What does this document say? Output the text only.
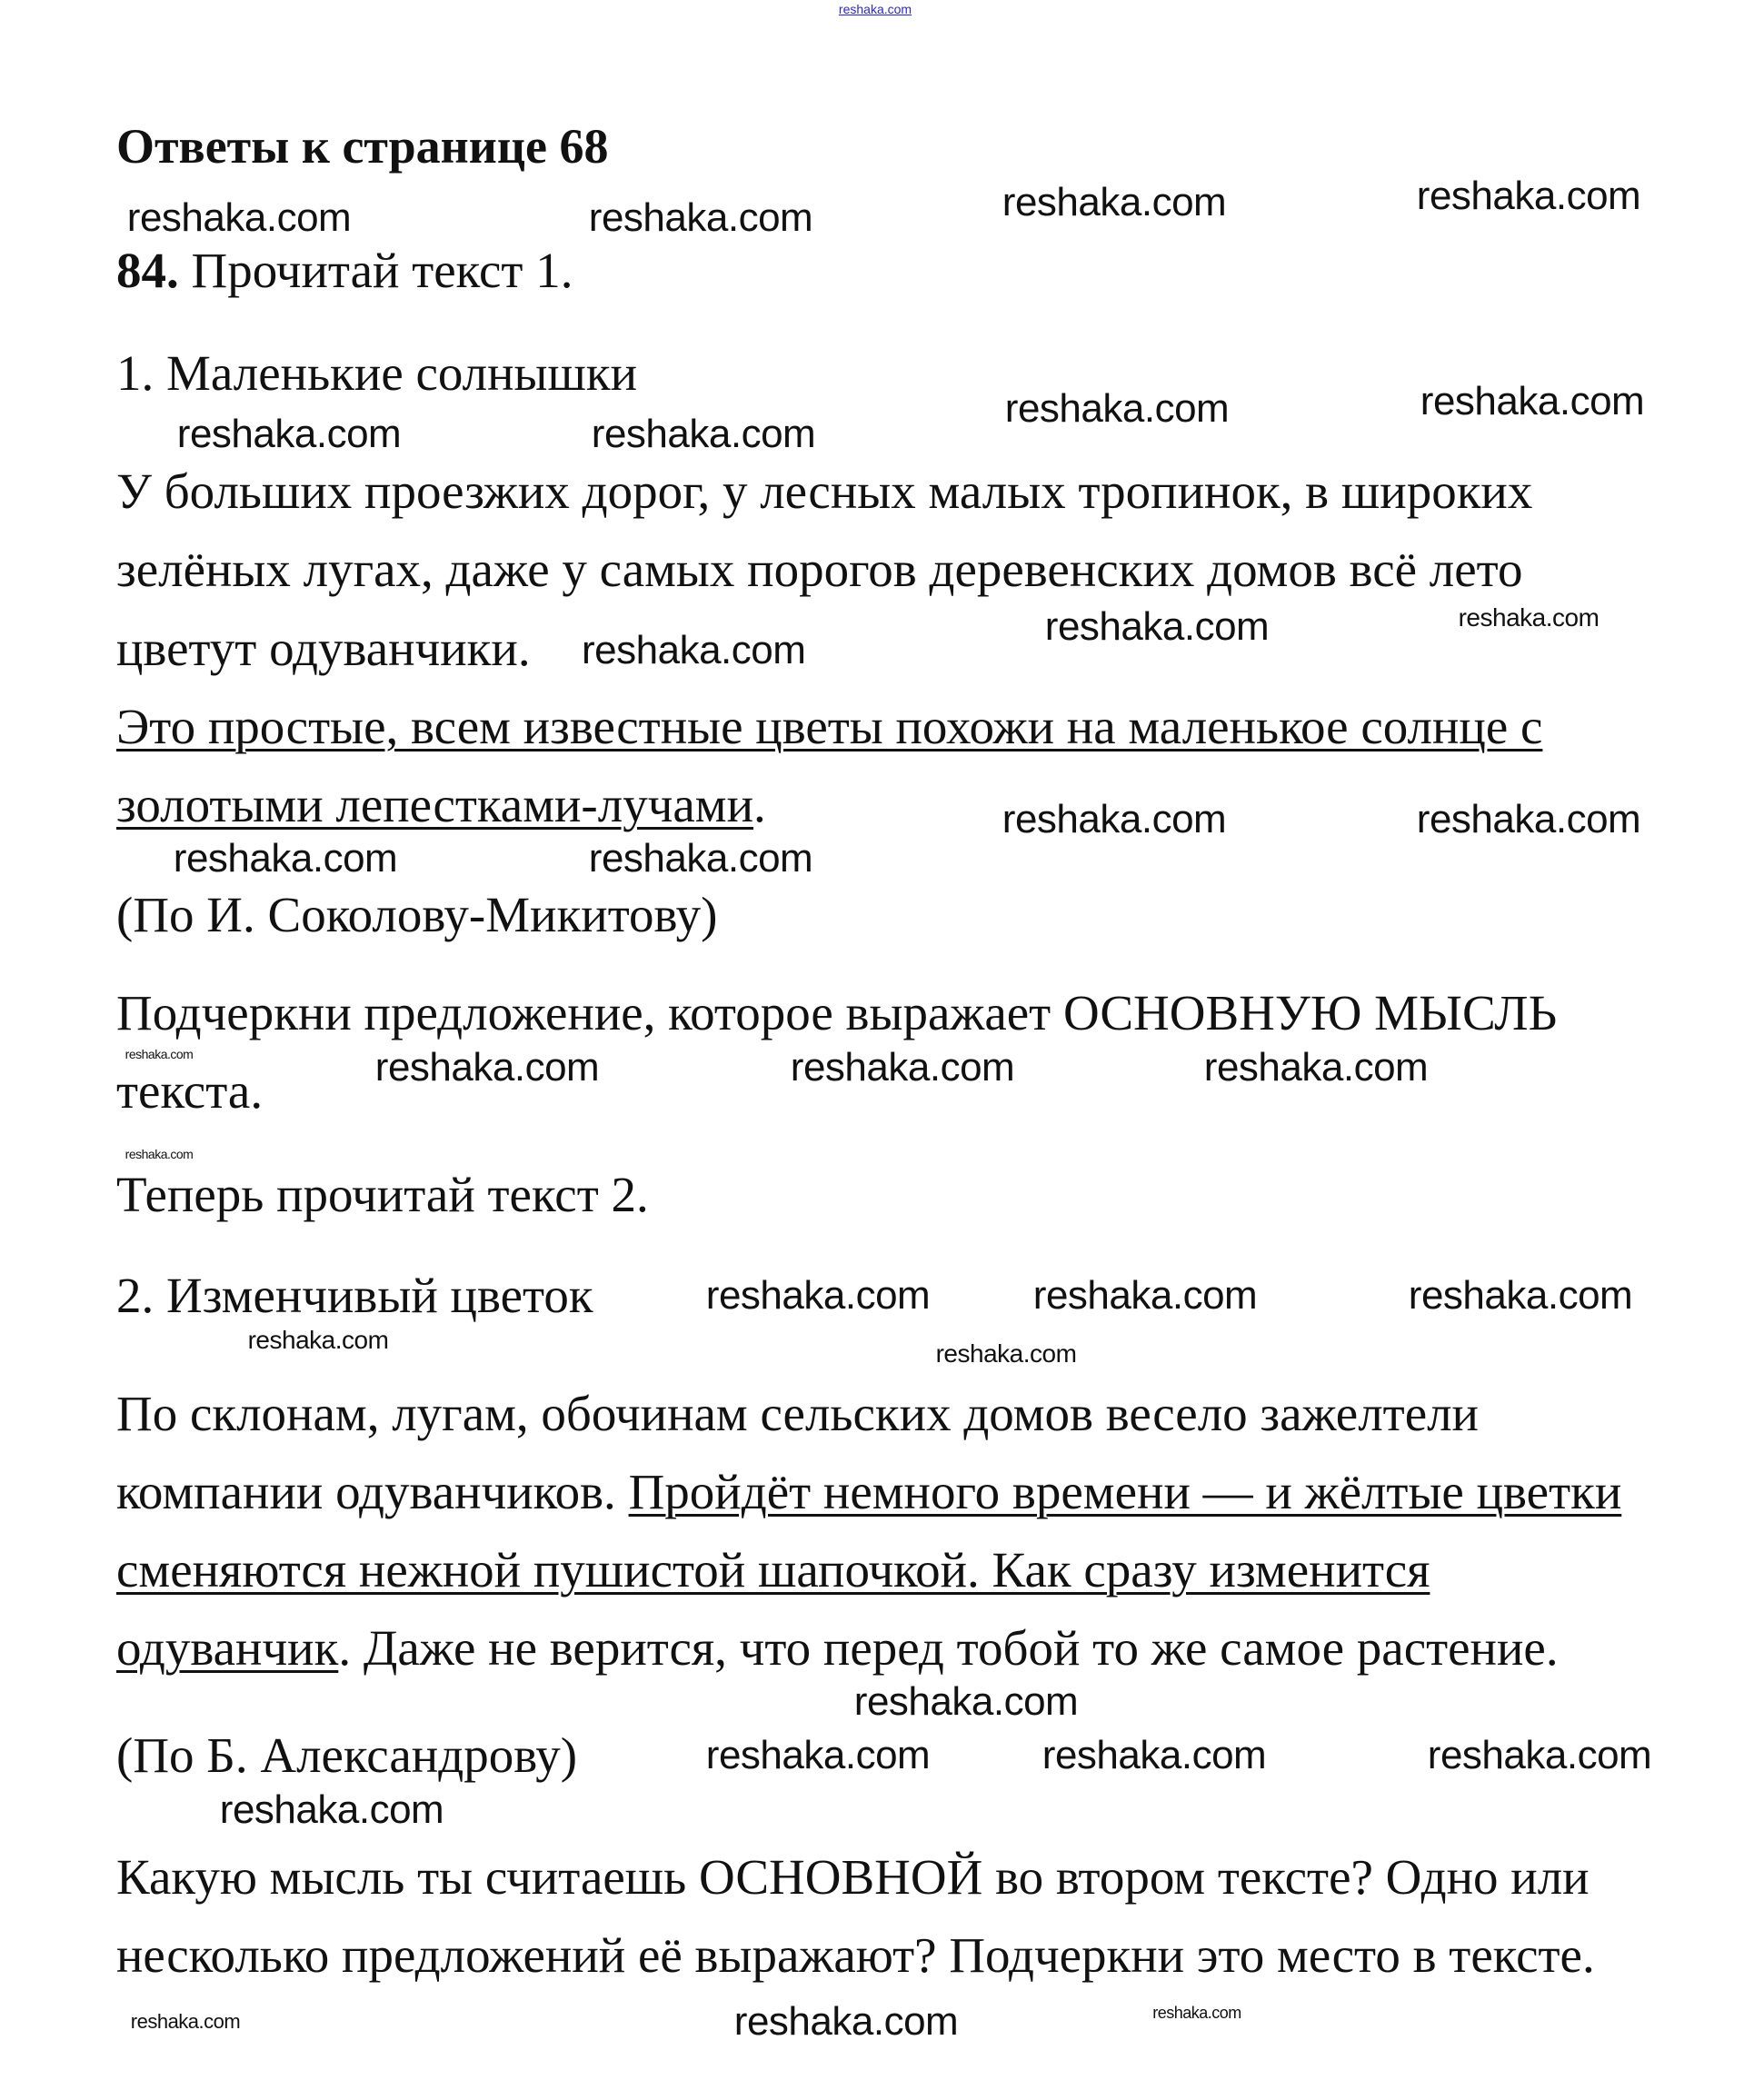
reshaka.com
Ответы к странице 68
84. Прочитай текст 1.
1. Маленькие солнышки
У больших проезжих дорог, у лесных малых тропинок, в широких
зелёных лугах, даже у самых порогов деревенских домов всё лето
цветут одуванчики.
Это простые, всем известные цветы похожи на маленькое солнце с
золотыми лепестками-лучами.
(По И. Соколову-Микитову)
Подчеркни предложение, которое выражает ОСНОВНУЮ МЫСЛЬ
текста.
Теперь прочитай текст 2.
2. Изменчивый цветок
По склонам, лугам, обочинам сельских домов весело зажелтели
компании одуванчиков. Пройдёт немного времени — и жёлтые цветки
сменяются нежной пушистой шапочкой. Как сразу изменится
одуванчик. Даже не верится, что перед тобой то же самое растение.
(По Б. Александрову)
Какую мысль ты считаешь ОСНОВНОЙ во втором тексте? Одно или
несколько предложений её выражают? Подчеркни это место в тексте.
reshaka.com	reshaka.com
reshaka.com	reshaka.com
reshaka.com	reshaka.com
reshaka.com	reshaka.com
reshaka.com	reshaka.com
reshaka.com
reshaka.com	reshaka.com
reshaka.com	reshaka.com
reshaka.com	reshaka.com	reshaka.com
reshaka.com
reshaka.com
reshaka.com	reshaka.com	reshaka.com
reshaka.com	reshaka.com
reshaka.com
reshaka.com
reshaka.com
reshaka.com
reshaka.com
reshaka.com
reshaka.com	reshaka.com
